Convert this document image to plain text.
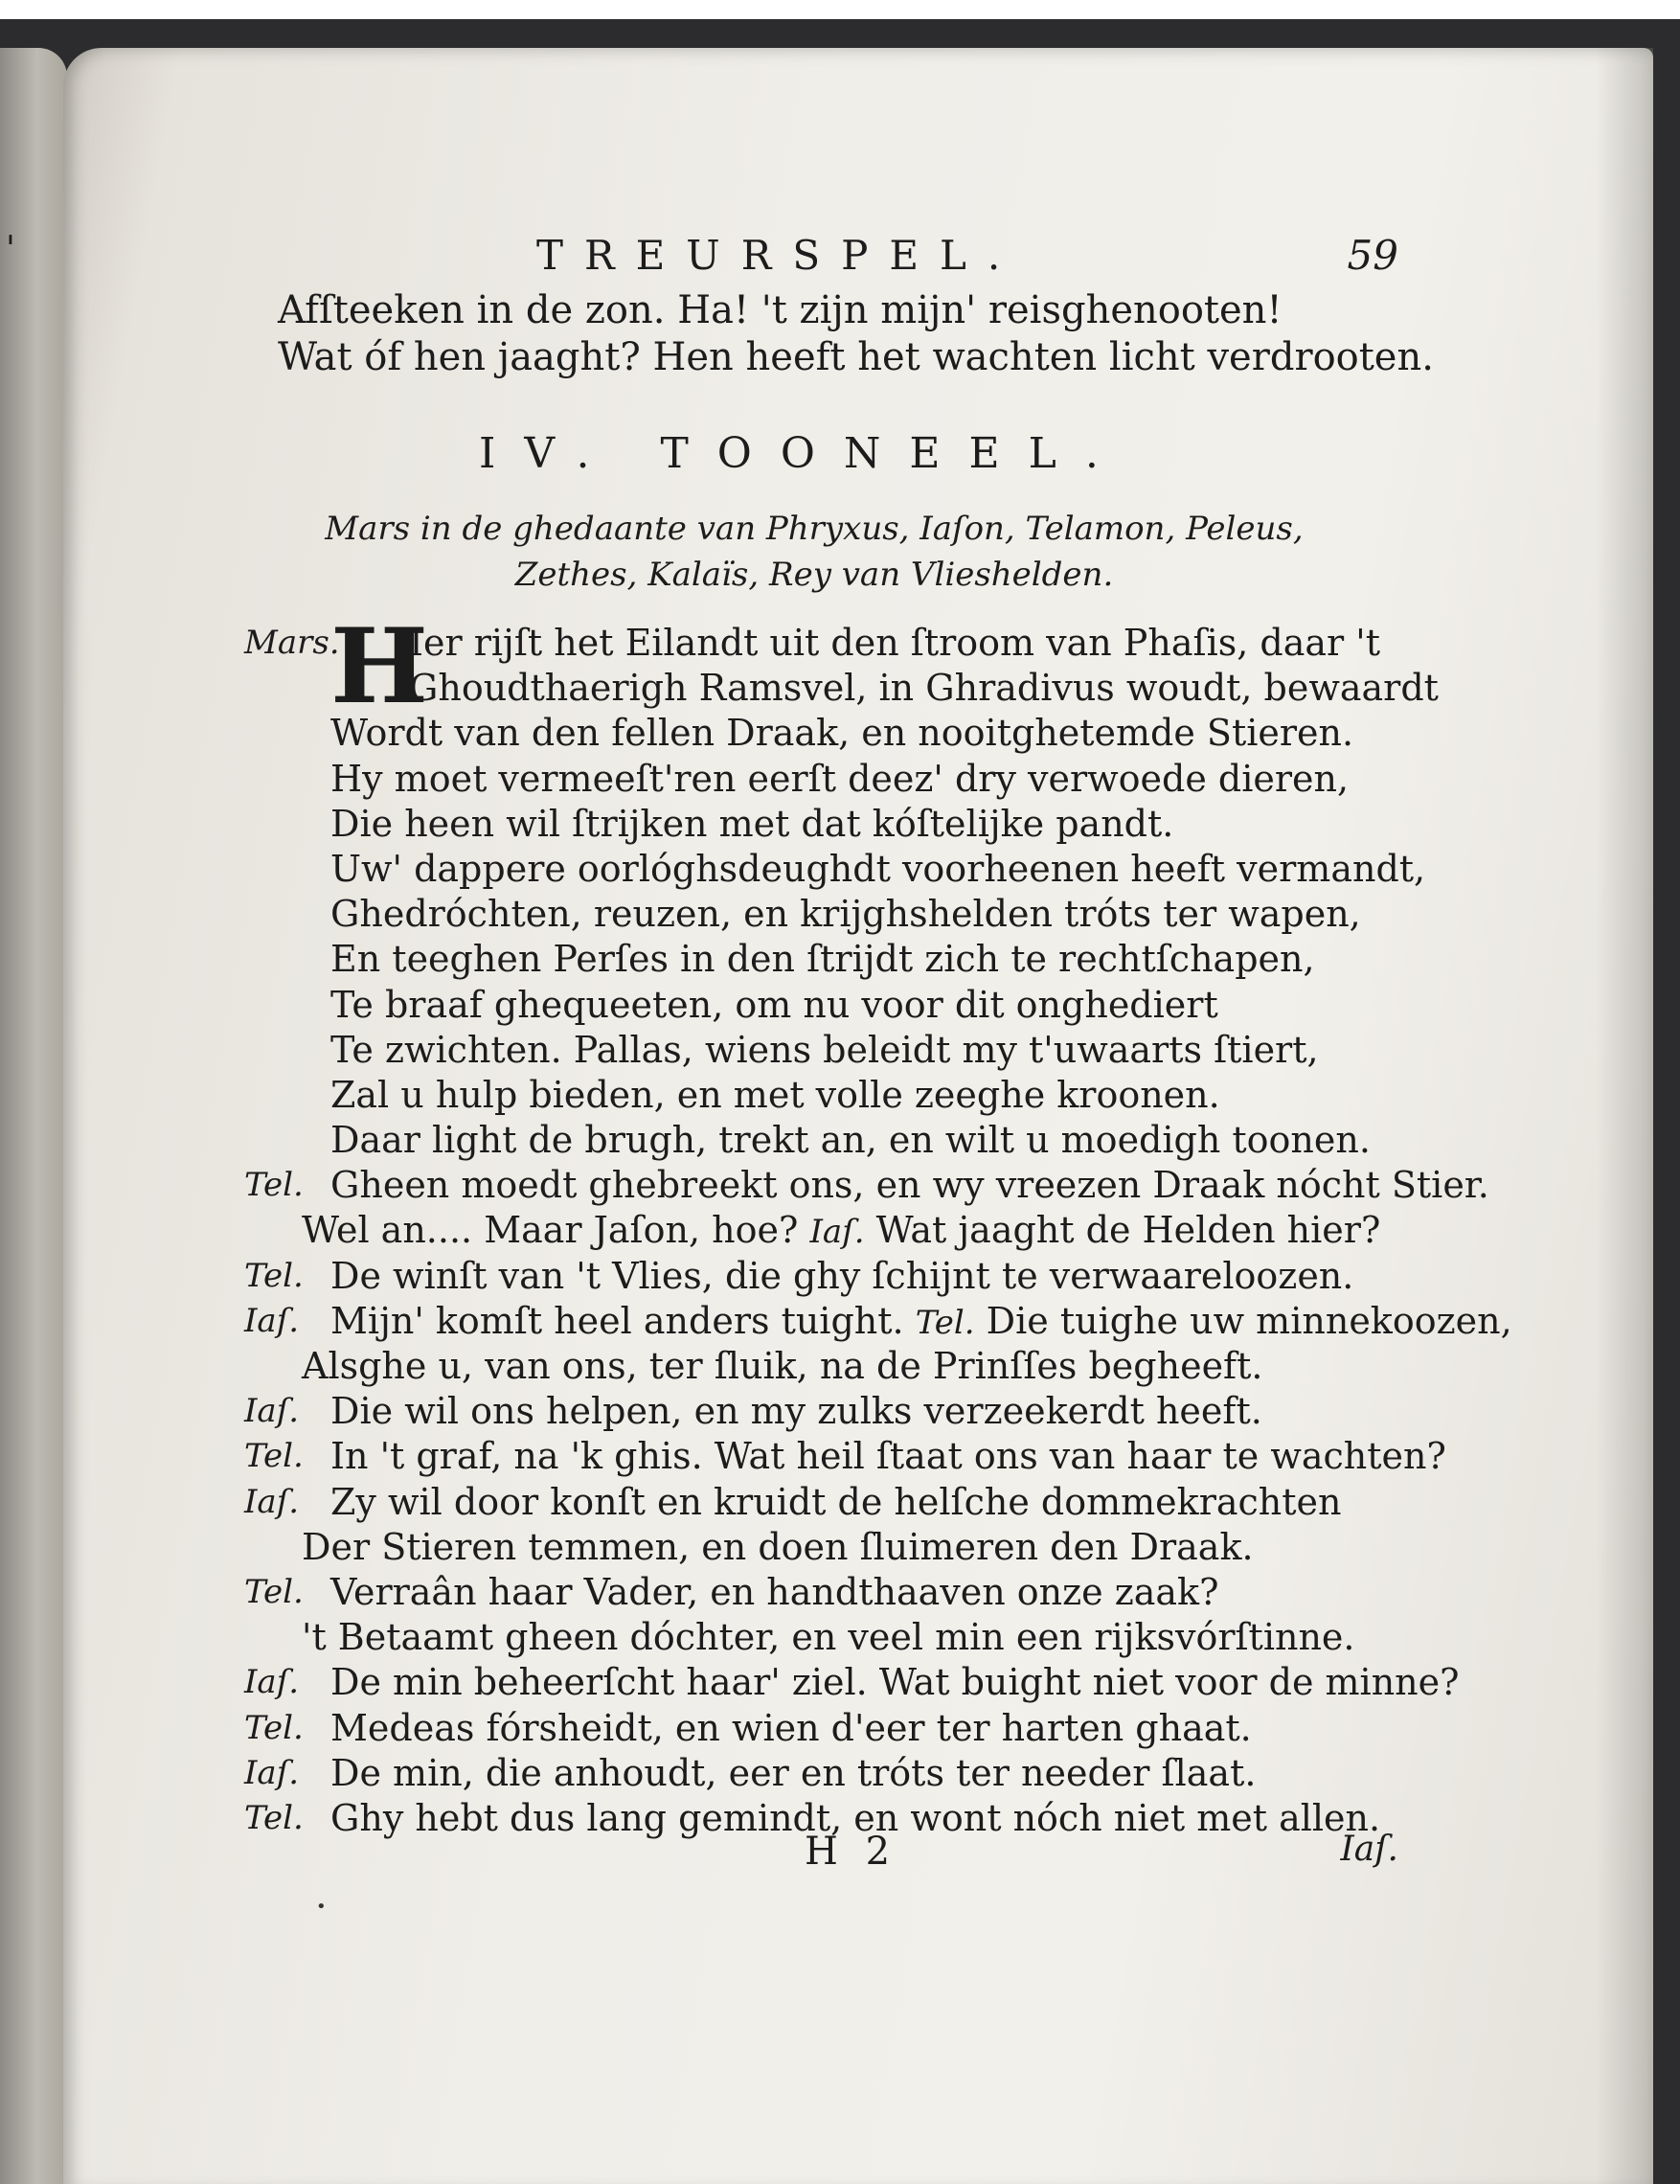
'	TREURSPEL.	59
Afſteeken in de zon. Ha! 't zijn mijn' reisghenooten!
Wat óf hen jaaght? Hen heeft het wachten licht verdrooten.
IV. TOONEEL.
Mars in de ghedaante van Phryxus, Iaſon, Telamon, Peleus,
Zethes, Kalaïs, Rey van Vlieshelden.
Mars.
H
Ier rijſt het Eilandt uit den ſtroom van Phaſis, daar 't
Ghoudthaerigh Ramsvel, in Ghradivus woudt, bewaardt
Wordt van den fellen Draak, en nooitghetemde Stieren.
Hy moet vermeeſt'ren eerſt deez' dry verwoede dieren,
Die heen wil ſtrijken met dat kóſtelijke pandt.
Uw' dappere oorlóghsdeughdt voorheenen heeft vermandt,
Ghedróchten, reuzen, en krijghshelden tróts ter wapen,
En teeghen Perſes in den ſtrijdt zich te rechtſchapen,
Te braaf ghequeeten, om nu voor dit onghediert
Te zwichten. Pallas, wiens beleidt my t'uwaarts ſtiert,
Zal u hulp bieden, en met volle zeeghe kroonen.
Daar light de brugh, trekt an, en wilt u moedigh toonen.
Tel. Gheen moedt ghebreekt ons, en wy vreezen Draak nócht Stier.
Wel an.... Maar Jaſon, hoe? Iaſ. Wat jaaght de Helden hier?
Tel. De winſt van 't Vlies, die ghy ſchijnt te verwaareloozen.
Iaſ. Mijn' komſt heel anders tuight. Tel. Die tuighe uw minnekoozen,
Alsghe u, van ons, ter ſluik, na de Prinſſes begheeft.
Iaſ. Die wil ons helpen, en my zulks verzeekerdt heeft.
Tel. In 't graf, na 'k ghis. Wat heil ſtaat ons van haar te wachten?
Iaſ. Zy wil door konſt en kruidt de helſche dommekrachten
Der Stieren temmen, en doen ſluimeren den Draak.
Tel. Verraân haar Vader, en handthaaven onze zaak?
't Betaamt gheen dóchter, en veel min een rijksvórſtinne.
Iaſ. De min beheerſcht haar' ziel. Wat buight niet voor de minne?
Tel. Medeas fórsheidt, en wien d'eer ter harten ghaat.
Iaſ. De min, die anhoudt, eer en tróts ter needer ſlaat.
Tel. Ghy hebt dus lang gemindt, en wont nóch niet met allen.
H 2	Iaſ.
•
